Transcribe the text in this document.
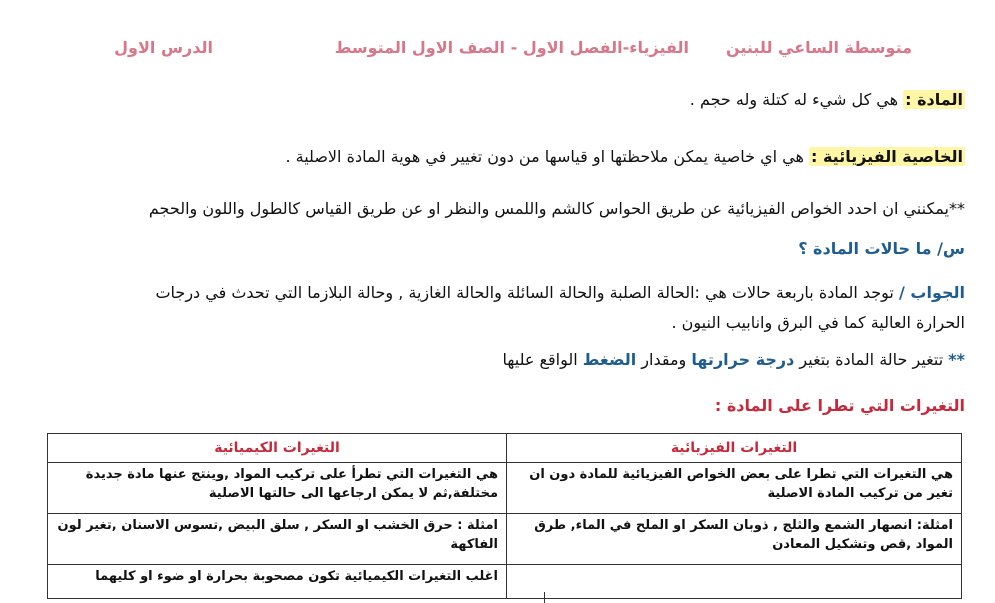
متوسطة الساعي للبنين
الفيزياء-الفصل الاول - الصف الاول المتوسط
الدرس الاول
المادة : هي كل شيء له كتلة وله حجم .
الخاصية الفيزيائية : هي اي خاصية يمكن ملاحظتها او قياسها من دون تغيير في هوية المادة الاصلية .
**يمكنني ان احدد الخواص الفيزيائية عن طريق الحواس كالشم واللمس والنظر او عن طريق القياس كالطول واللون والحجم
س/ ما حالات المادة ؟
الجواب / توجد المادة باربعة حالات هي :الحالة الصلبة والحالة السائلة والحالة الغازية , وحالة البلازما التي تحدث في درجات
الحرارة العالية كما في البرق وانابيب النيون .
** تتغير حالة المادة بتغير درجة حرارتها ومقدار الضغط الواقع عليها
التغيرات التي تطرا على المادة :
التغيرات الفيزيائية	التغيرات الكيميائية
هي التغيرات التي تطرا على بعض الخواص الفيزيائية للمادة دون ان تغير من تركيب المادة الاصلية	هي التغيرات التي تطرأ على تركيب المواد ,وينتج عنها مادة جديدة مختلفة,ثم لا يمكن ارجاعها الى حالتها الاصلية
امثلة: انصهار الشمع والثلج , ذوبان السكر او الملح في الماء, طرق المواد ,قص وتشكيل المعادن	امثلة : حرق الخشب او السكر , سلق البيض ,تسوس الاسنان ,تغير لون الفاكهة
	اغلب التغيرات الكيميائية تكون مصحوبة بحرارة او ضوء او كليهما
